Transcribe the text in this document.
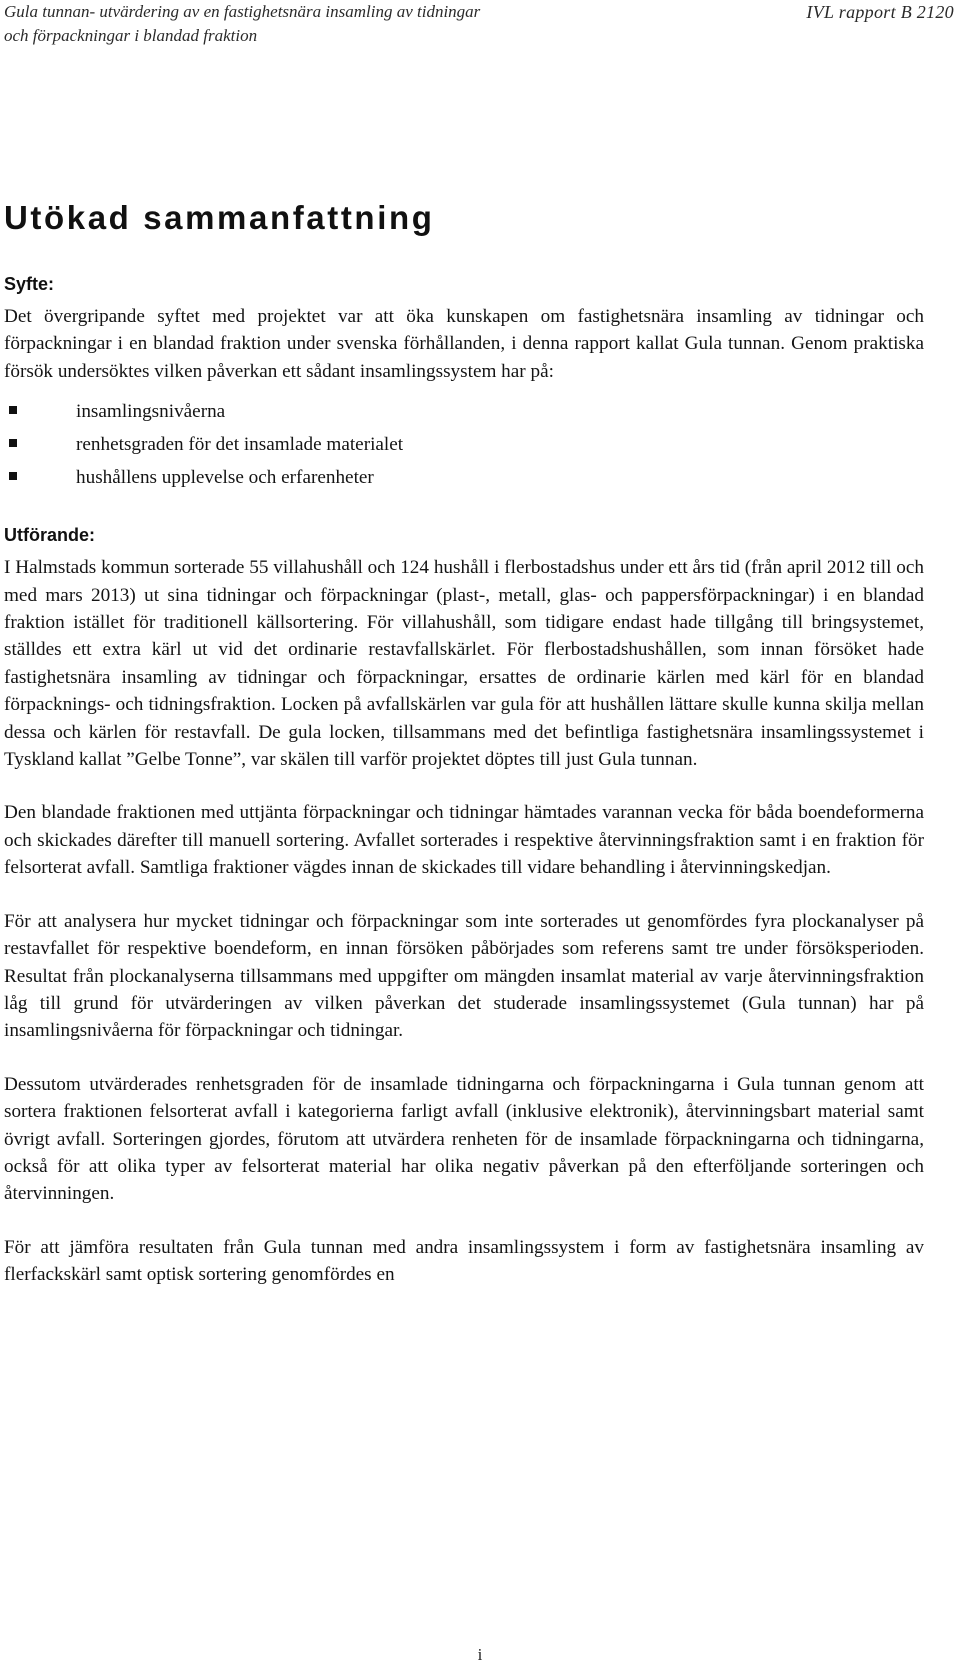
Gula tunnan- utvärdering av en fastighetsnära insamling av tidningar
och förpackningar i blandad fraktion
IVL rapport B 2120
Utökad sammanfattning
Syfte:

Det övergripande syftet med projektet var att öka kunskapen om fastighetsnära insamling av tidningar och förpackningar i en blandad fraktion under svenska förhållanden, i denna rapport kallat Gula tunnan. Genom praktiska försök undersöktes vilken påverkan ett sådant insamlingssystem har på:

insamlingsnivåerna
renhetsgraden för det insamlade materialet
hushållens upplevelse och erfarenheter
Utförande:

I Halmstads kommun sorterade 55 villahushåll och 124 hushåll i flerbostadshus under ett års tid (från april 2012 till och med mars 2013) ut sina tidningar och förpackningar (plast-, metall, glas- och pappersförpackningar) i en blandad fraktion istället för traditionell källsortering. För villahushåll, som tidigare endast hade tillgång till bringsystemet, ställdes ett extra kärl ut vid det ordinarie restavfallskärlet. För flerbostadshushållen, som innan försöket hade fastighetsnära insamling av tidningar och förpackningar, ersattes de ordinarie kärlen med kärl för en blandad förpacknings- och tidningsfraktion. Locken på avfallskärlen var gula för att hushållen lättare skulle kunna skilja mellan dessa och kärlen för restavfall. De gula locken, tillsammans med det befintliga fastighetsnära insamlingssystemet i Tyskland kallat ”Gelbe Tonne”, var skälen till varför projektet döptes till just Gula tunnan.

Den blandade fraktionen med uttjänta förpackningar och tidningar hämtades varannan vecka för båda boendeformerna och skickades därefter till manuell sortering. Avfallet sorterades i respektive återvinningsfraktion samt i en fraktion för felsorterat avfall. Samtliga fraktioner vägdes innan de skickades till vidare behandling i återvinningskedjan.

För att analysera hur mycket tidningar och förpackningar som inte sorterades ut genomfördes fyra plockanalyser på restavfallet för respektive boendeform, en innan försöken påbörjades som referens samt tre under försöksperioden. Resultat från plockanalyserna tillsammans med uppgifter om mängden insamlat material av varje återvinningsfraktion låg till grund för utvärderingen av vilken påverkan det studerade insamlingssystemet (Gula tunnan) har på insamlingsnivåerna för förpackningar och tidningar.

Dessutom utvärderades renhetsgraden för de insamlade tidningarna och förpackningarna i Gula tunnan genom att sortera fraktionen felsorterat avfall i kategorierna farligt avfall (inklusive elektronik), återvinningsbart material samt övrigt avfall. Sorteringen gjordes, förutom att utvärdera renheten för de insamlade förpackningarna och tidningarna, också för att olika typer av felsorterat material har olika negativ påverkan på den efterföljande sorteringen och återvinningen.

För att jämföra resultaten från Gula tunnan med andra insamlingssystem i form av fastighetsnära insamling av flerfackskärl samt optisk sortering genomfördes en

i
